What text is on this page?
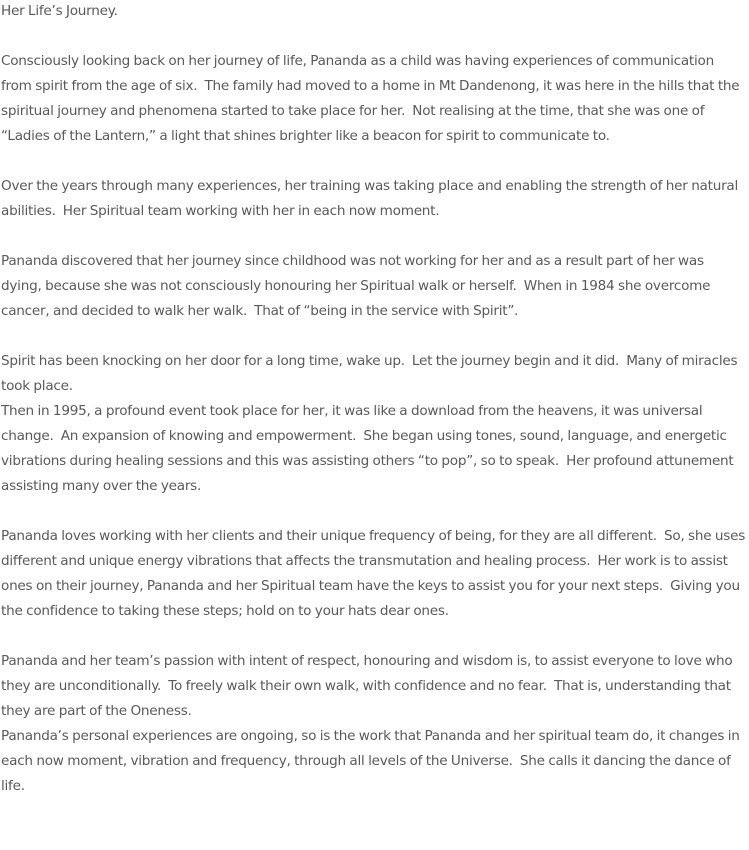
Her Life’s Journey.

Consciously looking back on her journey of life, Pananda as a child was having experiences of communication from spirit from the age of six.  The family had moved to a home in Mt Dandenong, it was here in the hills that the spiritual journey and phenomena started to take place for her.  Not realising at the time, that she was one of “Ladies of the Lantern,” a light that shines brighter like a beacon for spirit to communicate to.

Over the years through many experiences, her training was taking place and enabling the strength of her natural abilities.  Her Spiritual team working with her in each now moment.

Pananda discovered that her journey since childhood was not working for her and as a result part of her was dying, because she was not consciously honouring her Spiritual walk or herself.  When in 1984 she overcome cancer, and decided to walk her walk.  That of “being in the service with Spirit”.

Spirit has been knocking on her door for a long time, wake up.  Let the journey begin and it did.  Many of miracles took place.

Then in 1995, a profound event took place for her, it was like a download from the heavens, it was universal change.  An expansion of knowing and empowerment.  She began using tones, sound, language, and energetic vibrations during healing sessions and this was assisting others “to pop”, so to speak.  Her profound attunement assisting many over the years.

Pananda loves working with her clients and their unique frequency of being, for they are all different.  So, she uses different and unique energy vibrations that affects the transmutation and healing process.  Her work is to assist ones on their journey, Pananda and her Spiritual team have the keys to assist you for your next steps.  Giving you the confidence to taking these steps; hold on to your hats dear ones.

Pananda and her team’s passion with intent of respect, honouring and wisdom is, to assist everyone to love who they are unconditionally.  To freely walk their own walk, with confidence and no fear.  That is, understanding that they are part of the Oneness.

Pananda’s personal experiences are ongoing, so is the work that Pananda and her spiritual team do, it changes in each now moment, vibration and frequency, through all levels of the Universe.  She calls it dancing the dance of life.
